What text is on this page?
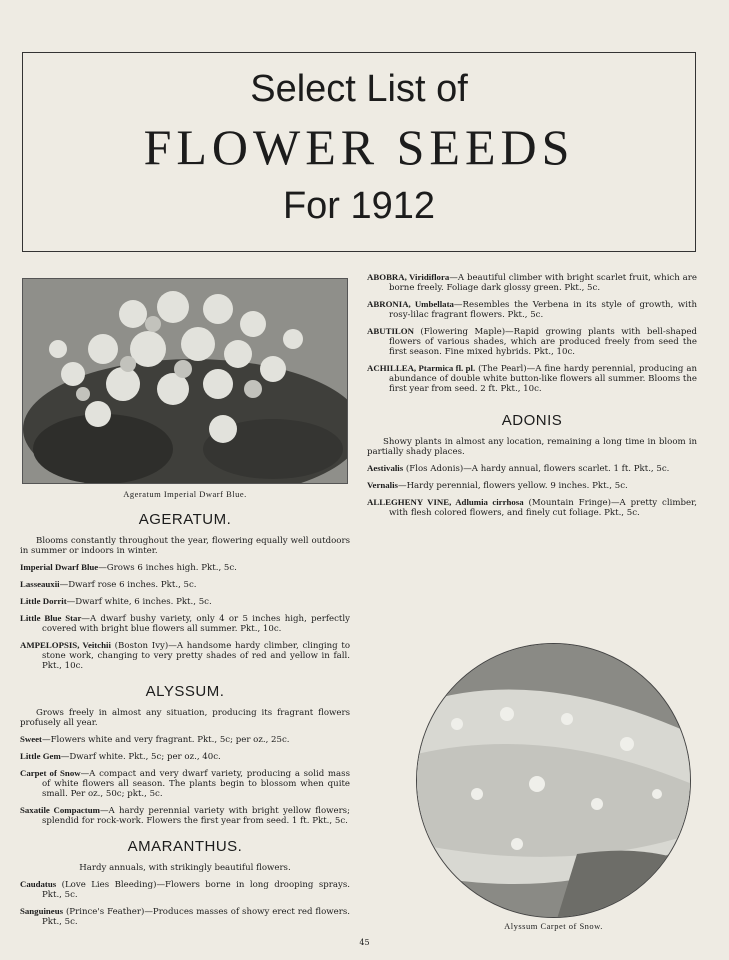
Select List of
FLOWER SEEDS
For 1912
Ageratum Imperial Dwarf Blue.
AGERATUM.

Blooms constantly throughout the year, flowering equally well outdoors in summer or indoors in winter.

Imperial Dwarf Blue—Grows 6 inches high. Pkt., 5c.

Lasseauxii—Dwarf rose 6 inches. Pkt., 5c.

Little Dorrit—Dwarf white, 6 inches. Pkt., 5c.

Little Blue Star—A dwarf bushy variety, only 4 or 5 inches high, perfectly covered with bright blue flowers all summer. Pkt., 10c.

AMPELOPSIS, Veitchii (Boston Ivy)—A handsome hardy climber, clinging to stone work, changing to very pretty shades of red and yellow in fall. Pkt., 10c.

ALYSSUM.

Grows freely in almost any situation, producing its fragrant flowers profusely all year.

Sweet—Flowers white and very fragrant. Pkt., 5c; per oz., 25c.

Little Gem—Dwarf white. Pkt., 5c; per oz., 40c.

Carpet of Snow—A compact and very dwarf variety, producing a solid mass of white flowers all season. The plants begin to blossom when quite small. Per oz., 50c; pkt., 5c.

Saxatile Compactum—A hardy perennial variety with bright yellow flowers; splendid for rock-work. Flowers the first year from seed. 1 ft. Pkt., 5c.

AMARANTHUS.

Hardy annuals, with strikingly beautiful flowers.

Caudatus (Love Lies Bleeding)—Flowers borne in long drooping sprays. Pkt., 5c.

Sanguineus (Prince's Feather)—Produces masses of showy erect red flowers. Pkt., 5c.

ABOBRA, Viridiflora—A beautiful climber with bright scarlet fruit, which are borne freely. Foliage dark glossy green. Pkt., 5c.

ABRONIA, Umbellata—Resembles the Verbena in its style of growth, with rosy-lilac fragrant flowers. Pkt., 5c.

ABUTILON (Flowering Maple)—Rapid growing plants with bell-shaped flowers of various shades, which are produced freely from seed the first season. Fine mixed hybrids. Pkt., 10c.

ACHILLEA, Ptarmica fl. pl. (The Pearl)—A fine hardy perennial, producing an abundance of double white button-like flowers all summer. Blooms the first year from seed. 2 ft. Pkt., 10c.

ADONIS

Showy plants in almost any location, remaining a long time in bloom in partially shady places.

Aestivalis (Flos Adonis)—A hardy annual, flowers scarlet. 1 ft. Pkt., 5c.

Vernalis—Hardy perennial, flowers yellow. 9 inches. Pkt., 5c.

ALLEGHENY VINE, Adlumia cirrhosa (Mountain Fringe)—A pretty climber, with flesh colored flowers, and finely cut foliage. Pkt., 5c.

Alyssum Carpet of Snow.
45
